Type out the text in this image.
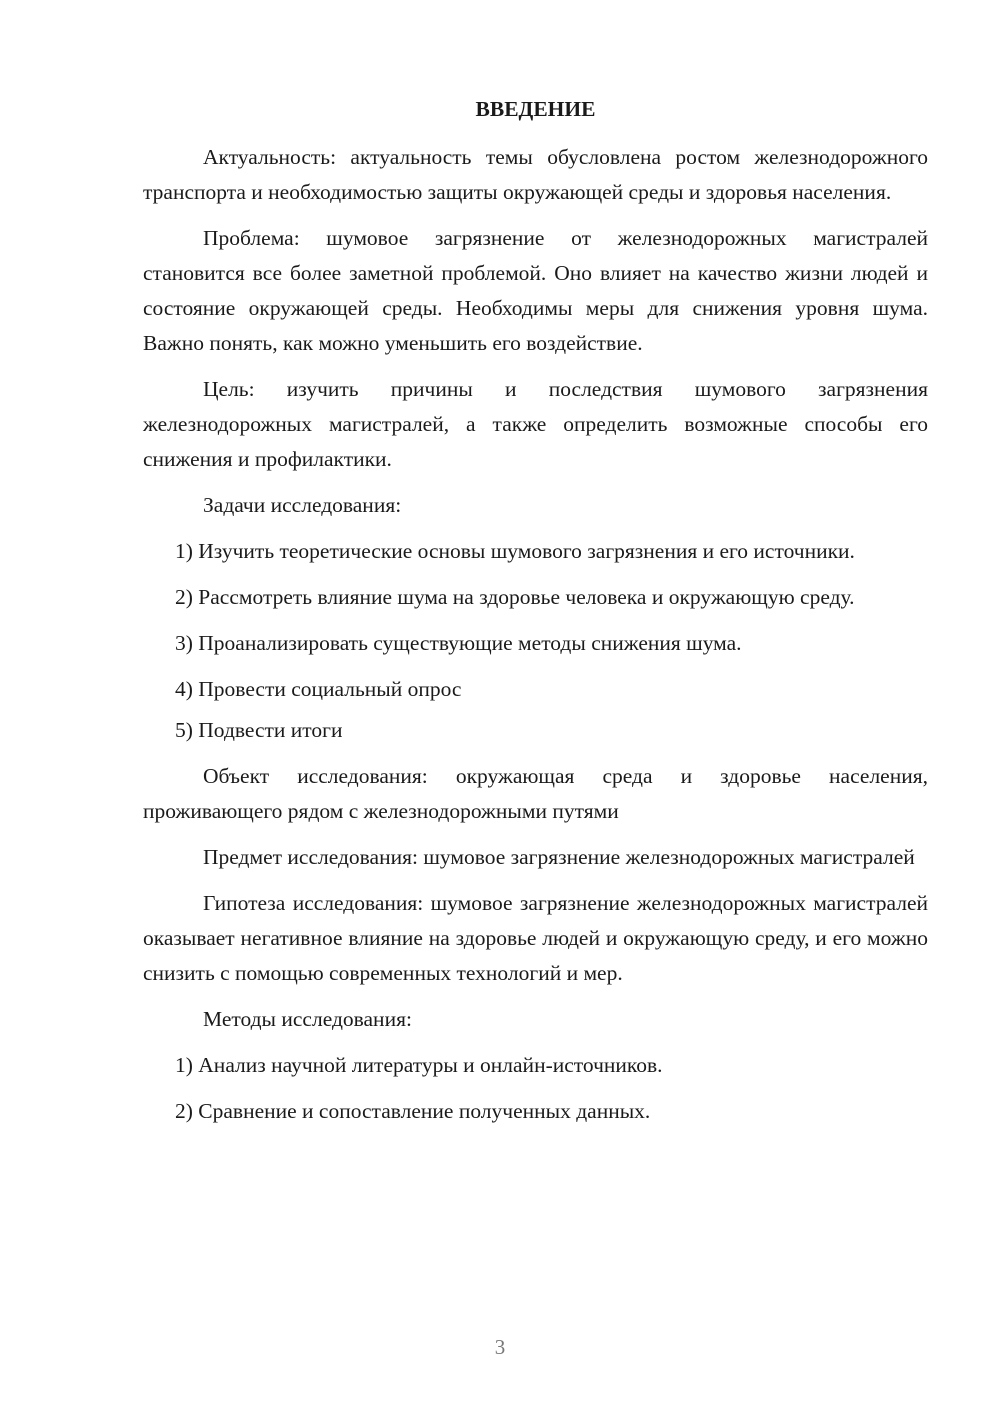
ВВЕДЕНИЕ

Актуальность: актуальность темы обусловлена ростом железнодорожного транспорта и необходимостью защиты окружающей среды и здоровья населения.

Проблема: шумовое загрязнение от железнодорожных магистралей становится все более заметной проблемой. Оно влияет на качество жизни людей и состояние окружающей среды. Необходимы меры для снижения уровня шума. Важно понять, как можно уменьшить его воздействие.

Цель: изучить причины и последствия шумового загрязнения железнодорожных магистралей, а также определить возможные способы его снижения и профилактики.

Задачи исследования:

1) Изучить теоретические основы шумового загрязнения и его источники.

2) Рассмотреть влияние шума на здоровье человека и окружающую среду.

3) Проанализировать существующие методы снижения шума.

4) Провести социальный опрос

5) Подвести итоги

Объект исследования: окружающая среда и здоровье населения, проживающего рядом с железнодорожными путями

Предмет исследования: шумовое загрязнение железнодорожных магистралей

Гипотеза исследования: шумовое загрязнение железнодорожных магистралей оказывает негативное влияние на здоровье людей и окружающую среду, и его можно снизить с помощью современных технологий и мер.

Методы исследования:

1) Анализ научной литературы и онлайн-источников.

2) Сравнение и сопоставление полученных данных.

3
